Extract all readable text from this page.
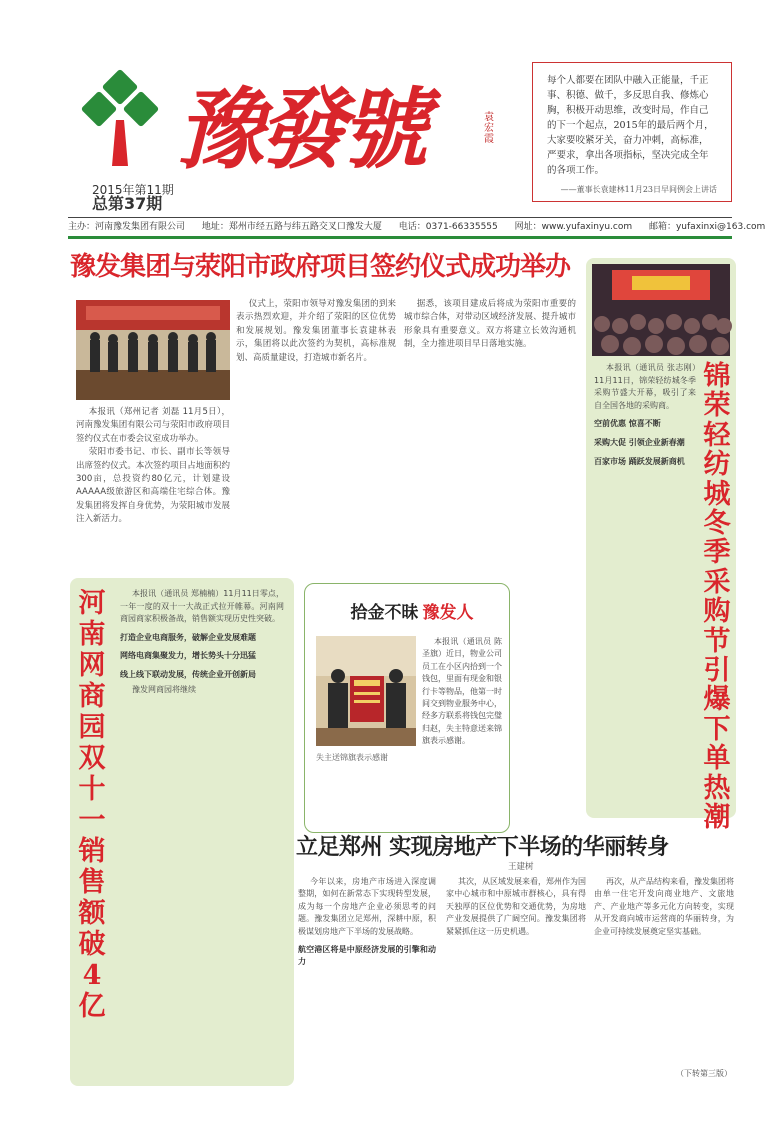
豫發號	袁宏霞
2015年第11期
总第37期
每个人都要在团队中融入正能量，千正事、积德、做千，多反思自我、修炼心胸，积极开动思维，改变时局，作自己的下一个起点，2015年的最后两个月，大家要咬紧牙关，奋力冲刺，高标准，严要求，拿出各项指标，坚决完成全年的各项工作。
——董事长袁建林11月23日早间例会上讲话
主办：河南豫发集团有限公司 地址：郑州市经五路与纬五路交叉口豫发大厦 电话：0371-66335555 网址：www.yufaxinyu.com 邮箱：yufaxinxi@163.com
豫发集团与荥阳市政府项目签约仪式成功举办

本报讯（郑州记者 刘磊 11月5日），河南豫发集团有限公司与荥阳市政府项目签约仪式在市委会议室成功举办。

荥阳市委书记、市长、副市长等领导出席签约仪式。本次签约项目占地面积约300亩，总投资约80亿元，计划建设AAAAA级旅游区和高端住宅综合体。豫发集团将发挥自身优势，为荥阳城市发展注入新活力。

仪式上，荥阳市领导对豫发集团的到来表示热烈欢迎，并介绍了荥阳的区位优势和发展规划。豫发集团董事长袁建林表示，集团将以此次签约为契机，高标准规划、高质量建设，打造城市新名片。

据悉，该项目建成后将成为荥阳市重要的城市综合体，对带动区域经济发展、提升城市形象具有重要意义。双方将建立长效沟通机制，全力推进项目早日落地实施。

本报讯（通讯员 张志刚）11月11日，锦荣轻纺城冬季采购节盛大开幕，吸引了来自全国各地的采购商。

空前优惠 惊喜不断

采购大促 引领企业新春潮

百家市场 踊跃发展新商机

锦荣轻纺城冬季采购节引爆下单热潮
河南网商园双十一销售额破4亿

本报讯（通讯员 郑楠楠）11月11日零点，一年一度的双十一大战正式拉开帷幕。河南网商园商家积极备战，销售额实现历史性突破。

打造企业电商服务，破解企业发展难题

网络电商集聚发力，增长势头十分迅猛

线上线下联动发展，传统企业开创新局

豫发网商园将继续

拾金不昧 豫发人
失主送锦旗表示感谢

本报讯（通讯员 陈圣旗）近日，物业公司员工在小区内拾到一个钱包，里面有现金和银行卡等物品，他第一时间交到物业服务中心，经多方联系将钱包完璧归赵，失主特意送来锦旗表示感谢。

立足郑州 实现房地产下半场的华丽转身
王建树

今年以来，房地产市场进入深度调整期，如何在新常态下实现转型发展，成为每一个房地产企业必须思考的问题。豫发集团立足郑州，深耕中原，积极谋划房地产下半场的发展战略。

航空港区将是中原经济发展的引擎和动力

其次，从区域发展来看，郑州作为国家中心城市和中原城市群核心，具有得天独厚的区位优势和交通优势，为房地产业发展提供了广阔空间。豫发集团将紧紧抓住这一历史机遇。

再次，从产品结构来看，豫发集团将由单一住宅开发向商业地产、文旅地产、产业地产等多元化方向转变，实现从开发商向城市运营商的华丽转身，为企业可持续发展奠定坚实基础。

（下转第三版）
